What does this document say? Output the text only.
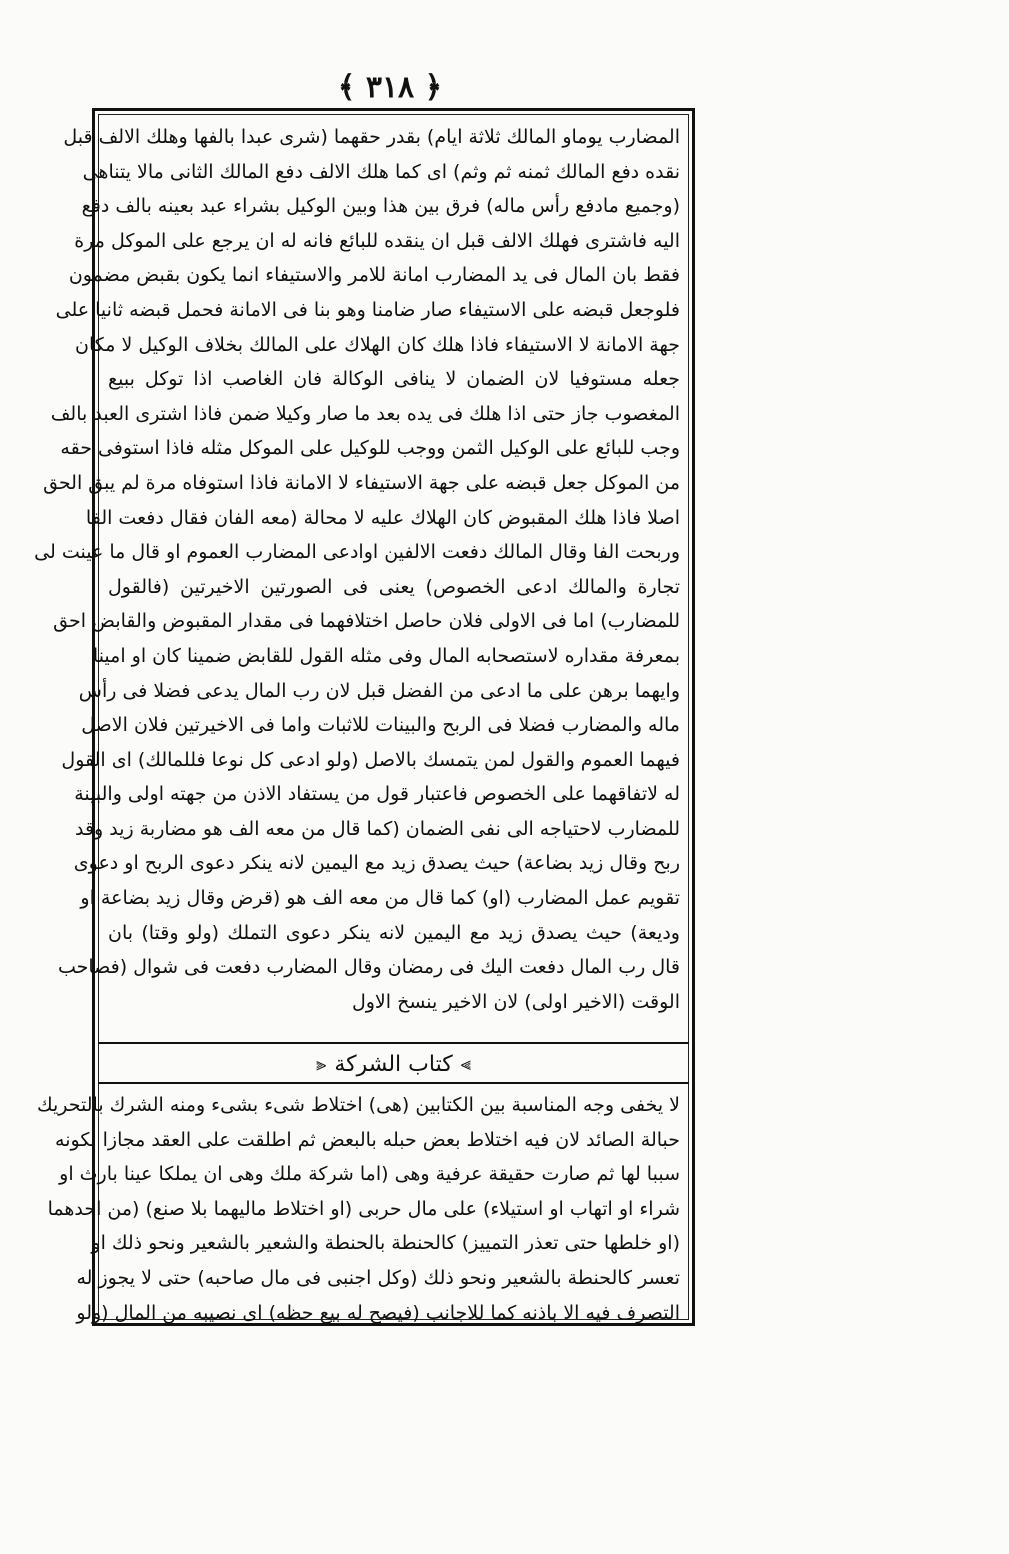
﴿ ٣١٨ ﴾
المضارب يوماو المالك ثلاثة ايام) بقدر حقهما (شرى عبدا بالفها وهلك الالف قبل
نقده دفع المالك ثمنه ثم وثم) اى كما هلك الالف دفع المالك الثانى مالا يتناهى
(وجميع مادفع رأس ماله) فرق بين هذا وبين الوكيل بشراء عبد بعينه بالف دفع
اليه فاشترى فهلك الالف قبل ان ينقده للبائع فانه له ان يرجع على الموكل مرة
فقط بان المال فى يد المضارب امانة للامر والاستيفاء انما يكون بقبض مضمون
فلوجعل قبضه على الاستيفاء صار ضامنا وهو بنا فى الامانة فحمل قبضه ثانيا على
جهة الامانة لا الاستيفاء فاذا هلك كان الهلاك على المالك بخلاف الوكيل لا مكان
جعله مستوفيا لان الضمان لا ينافى الوكالة فان الغاصب اذا توكل ببيع
المغصوب جاز حتى اذا هلك فى يده بعد ما صار وكيلا ضمن فاذا اشترى العبد بالف
وجب للبائع على الوكيل الثمن ووجب للوكيل على الموكل مثله فاذا استوفى حقه
من الموكل جعل قبضه على جهة الاستيفاء لا الامانة فاذا استوفاه مرة لم يبق الحق
اصلا فاذا هلك المقبوض كان الهلاك عليه لا محالة (معه الفان فقال دفعت الفا
وربحت الفا وقال المالك دفعت الالفين اوادعى المضارب العموم او قال ما عينت لى
تجارة والمالك ادعى الخصوص) يعنى فى الصورتين الاخيرتين (فالقول
للمضارب) اما فى الاولى فلان حاصل اختلافهما فى مقدار المقبوض والقابض احق
بمعرفة مقداره لاستصحابه المال وفى مثله القول للقابض ضمينا كان او امينا
وايهما برهن على ما ادعى من الفضل قبل لان رب المال يدعى فضلا فى رأس
ماله والمضارب فضلا فى الربح والبينات للاثبات واما فى الاخيرتين فلان الاصل
فيهما العموم والقول لمن يتمسك بالاصل (ولو ادعى كل نوعا فللمالك) اى القول
له لاتفاقهما على الخصوص فاعتبار قول من يستفاد الاذن من جهته اولى والبينة
للمضارب لاحتياجه الى نفى الضمان (كما قال من معه الف هو مضاربة زيد وقد
ربح وقال زيد بضاعة) حيث يصدق زيد مع اليمين لانه ينكر دعوى الربح او دعوى
تقويم عمل المضارب (او) كما قال من معه الف هو (قرض وقال زيد بضاعة او
وديعة) حيث يصدق زيد مع اليمين لانه ينكر دعوى التملك (ولو وقتا) بان
قال رب المال دفعت اليك فى رمضان وقال المضارب دفعت فى شوال (فصاحب
الوقت (الاخير اولى) لان الاخير ينسخ الاول
⫸
كتاب الشركة
⫷
لا يخفى وجه المناسبة بين الكتابين (هى) اختلاط شىء بشىء ومنه الشرك بالتحريك
حبالة الصائد لان فيه اختلاط بعض حبله بالبعض ثم اطلقت على العقد مجازا لكونه
سببا لها ثم صارت حقيقة عرفية وهى (اما شركة ملك وهى ان يملكا عينا بارث او
شراء او اتهاب او استيلاء) على مال حربى (او اختلاط ماليهما بلا صنع) (من احدهما
(او خلطها حتى تعذر التمييز) كالحنطة بالحنطة والشعير بالشعير ونحو ذلك او
تعسر كالحنطة بالشعير ونحو ذلك (وكل اجنبى فى مال صاحبه) حتى لا يجوز له
التصرف فيه الا باذنه كما للاجانب (فيصح له بيع حظه) اى نصيبه من المال (ولو
